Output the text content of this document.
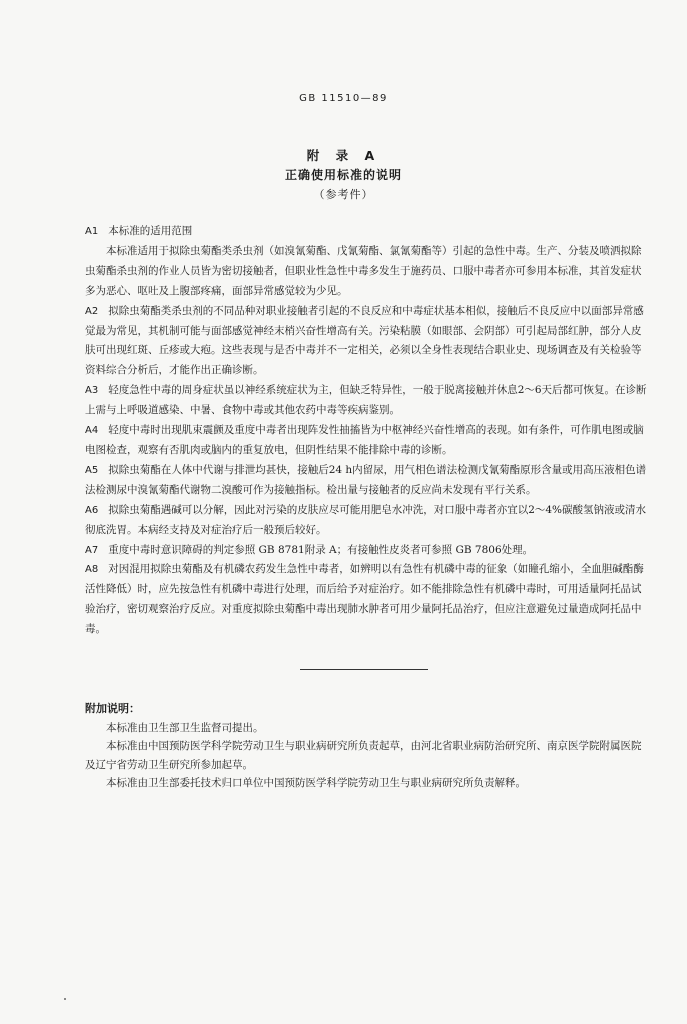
GB 11510—89
附 录 A
正确使用标准的说明
（参考件）
A1 本标准的适用范围
本标准适用于拟除虫菊酯类杀虫剂（如溴氰菊酯、戊氰菊酯、氯氰菊酯等）引起的急性中毒。生产、分装及喷洒拟除虫菊酯杀虫剂的作业人员皆为密切接触者，但职业性急性中毒多发生于施药员、口服中毒者亦可参用本标准，其首发症状多为恶心、呕吐及上腹部疼痛，面部异常感觉较为少见。
A2 拟除虫菊酯类杀虫剂的不同品种对职业接触者引起的不良反应和中毒症状基本相似，接触后不良反应中以面部异常感觉最为常见，其机制可能与面部感觉神经末梢兴奋性增高有关。污染粘膜（如眼部、会阴部）可引起局部红肿，部分人皮肤可出现红斑、丘疹或大疱。这些表现与是否中毒并不一定相关，必须以全身性表现结合职业史、现场调查及有关检验等资料综合分析后，才能作出正确诊断。
A3 轻度急性中毒的周身症状虽以神经系统症状为主，但缺乏特异性，一般于脱离接触并休息2～6天后都可恢复。在诊断上需与上呼吸道感染、中暑、食物中毒或其他农药中毒等疾病鉴别。
A4 轻度中毒时出现肌束震颤及重度中毒者出现阵发性抽搐皆为中枢神经兴奋性增高的表现。如有条件，可作肌电图或脑电图检查，观察有否肌肉或脑内的重复放电，但阴性结果不能排除中毒的诊断。
A5 拟除虫菊酯在人体中代谢与排泄均甚快，接触后24 h内留尿，用气相色谱法检测戊氰菊酯原形含量或用高压液相色谱法检测尿中溴氰菊酯代谢物二溴酸可作为接触指标。检出量与接触者的反应尚未发现有平行关系。
A6 拟除虫菊酯遇碱可以分解，因此对污染的皮肤应尽可能用肥皂水冲洗，对口服中毒者亦宜以2～4%碳酸氢钠液或清水彻底洗胃。本病经支持及对症治疗后一般预后较好。
A7 重度中毒时意识障碍的判定参照 GB 8781附录 A；有接触性皮炎者可参照 GB 7806处理。
A8 对因混用拟除虫菊酯及有机磷农药发生急性中毒者，如辨明以有急性有机磷中毒的征象（如瞳孔缩小，全血胆碱酯酶活性降低）时，应先按急性有机磷中毒进行处理，而后给予对症治疗。如不能排除急性有机磷中毒时，可用适量阿托品试验治疗，密切观察治疗反应。对重度拟除虫菊酯中毒出现肺水肿者可用少量阿托品治疗，但应注意避免过量造成阿托品中毒。
附加说明：
本标准由卫生部卫生监督司提出。
本标准由中国预防医学科学院劳动卫生与职业病研究所负责起草，由河北省职业病防治研究所、南京医学院附属医院及辽宁省劳动卫生研究所参加起草。
本标准由卫生部委托技术归口单位中国预防医学科学院劳动卫生与职业病研究所负责解释。
